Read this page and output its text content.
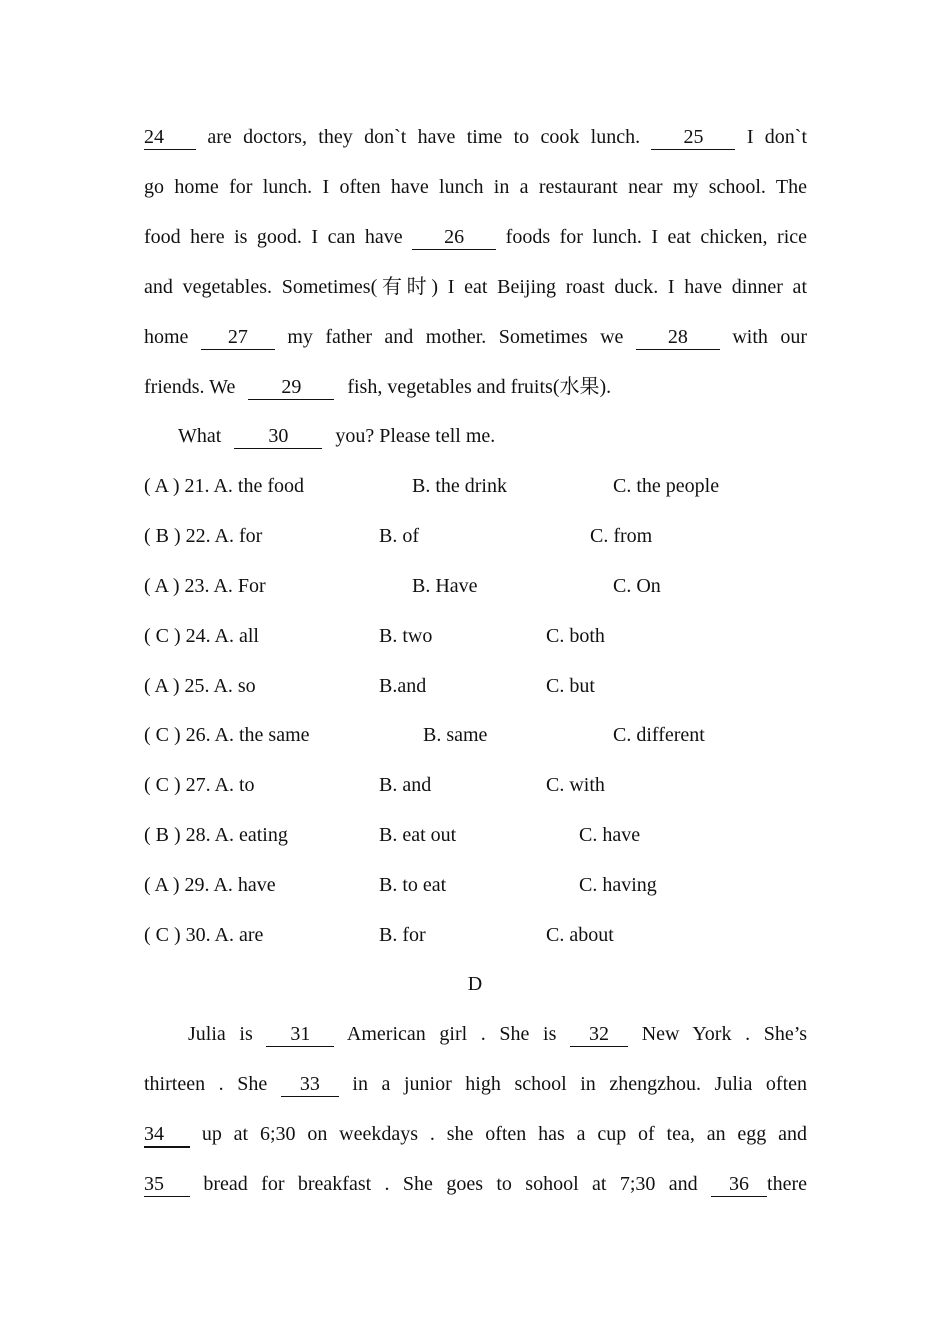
24 are doctors, they don`t have time to cook lunch. 25 I don`t
go home for lunch. I often have lunch in a restaurant near my school. The
food here is good. I can have 26 foods for lunch. I eat chicken, rice
and vegetables. Sometimes(有时) I eat Beijing roast duck. I have dinner at
home 27 my father and mother. Sometimes we 28 with our
friends. We 29 fish, vegetables and fruits(水果).
What 30 you? Please tell me.
( A ) 21. A. the food	B. the drink	C. the people
( B ) 22. A. for	B. of	C. from
( A ) 23. A. For	B. Have	C. On
( C ) 24. A. all	B. two	C. both
( A ) 25. A. so	B.and	C. but
( C ) 26. A. the same	B. same	C. different
( C ) 27. A. to	B. and	C. with
( B ) 28. A. eating	B. eat out	C. have
( A ) 29. A. have	B. to eat	C. having
( C ) 30. A. are	B. for	C. about
D
Julia is 31 American girl . She is 32 New York . She’s
thirteen . She 33 in a junior high school in zhengzhou. Julia often
34 up at 6;30 on weekdays . she often has a cup of tea, an egg and
35 bread for breakfast . She goes to sohool at 7;30 and 36 there
